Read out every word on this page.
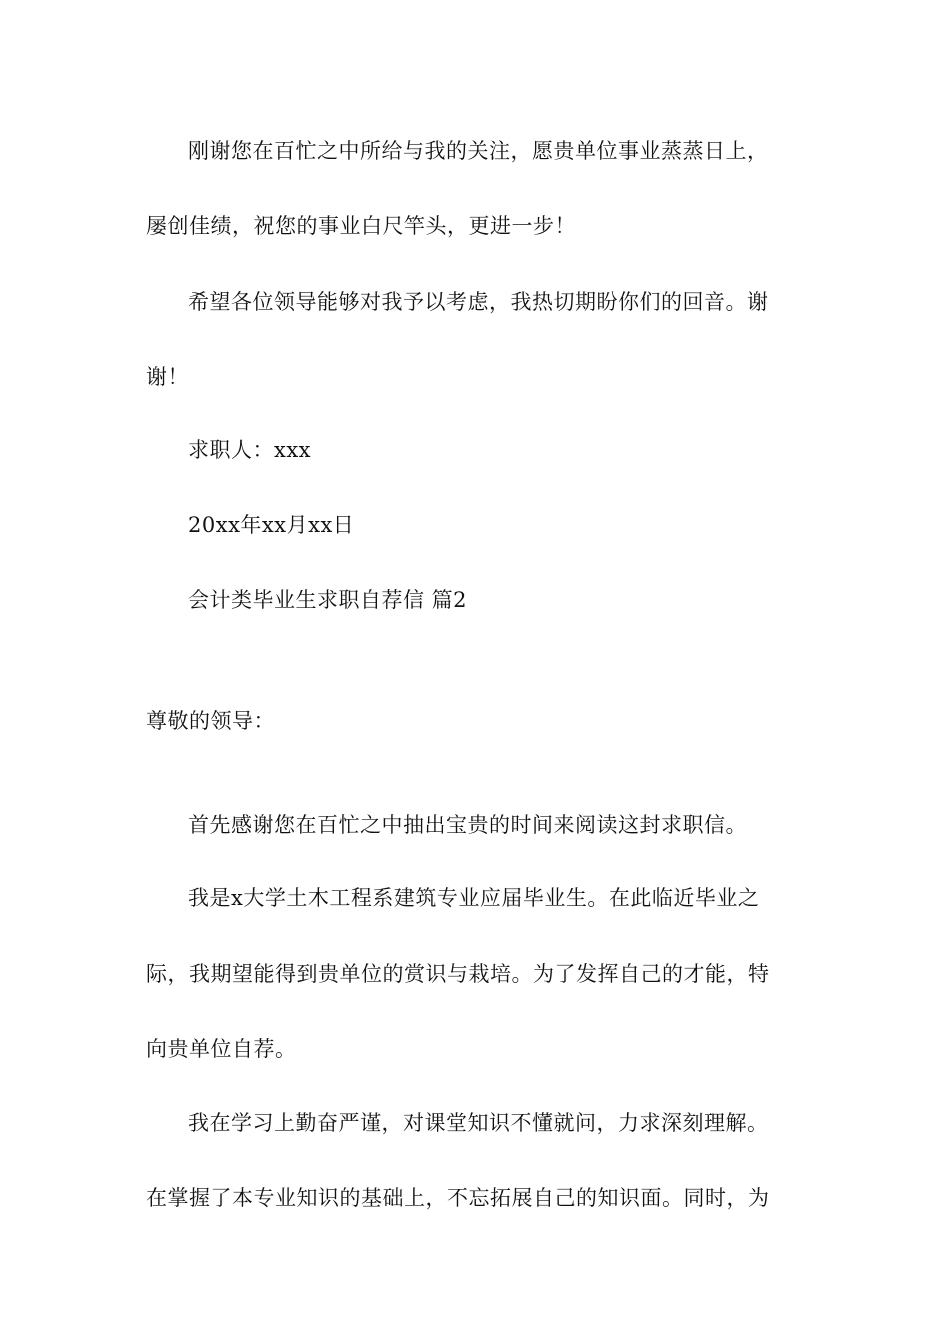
刚谢您在百忙之中所给与我的关注，愿贵单位事业蒸蒸日上，
屡创佳绩，祝您的事业白尺竿头，更进一步！
希望各位领导能够对我予以考虑，我热切期盼你们的回音。谢
谢！
求职人：xxx
20xx年xx月xx日
会计类毕业生求职自荐信 篇2
尊敬的领导：
首先感谢您在百忙之中抽出宝贵的时间来阅读这封求职信。
我是x大学土木工程系建筑专业应届毕业生。在此临近毕业之
际，我期望能得到贵单位的赏识与栽培。为了发挥自己的才能，特
向贵单位自荐。
我在学习上勤奋严谨，对课堂知识不懂就问，力求深刻理解。
在掌握了本专业知识的基础上，不忘拓展自己的知识面。同时，为
